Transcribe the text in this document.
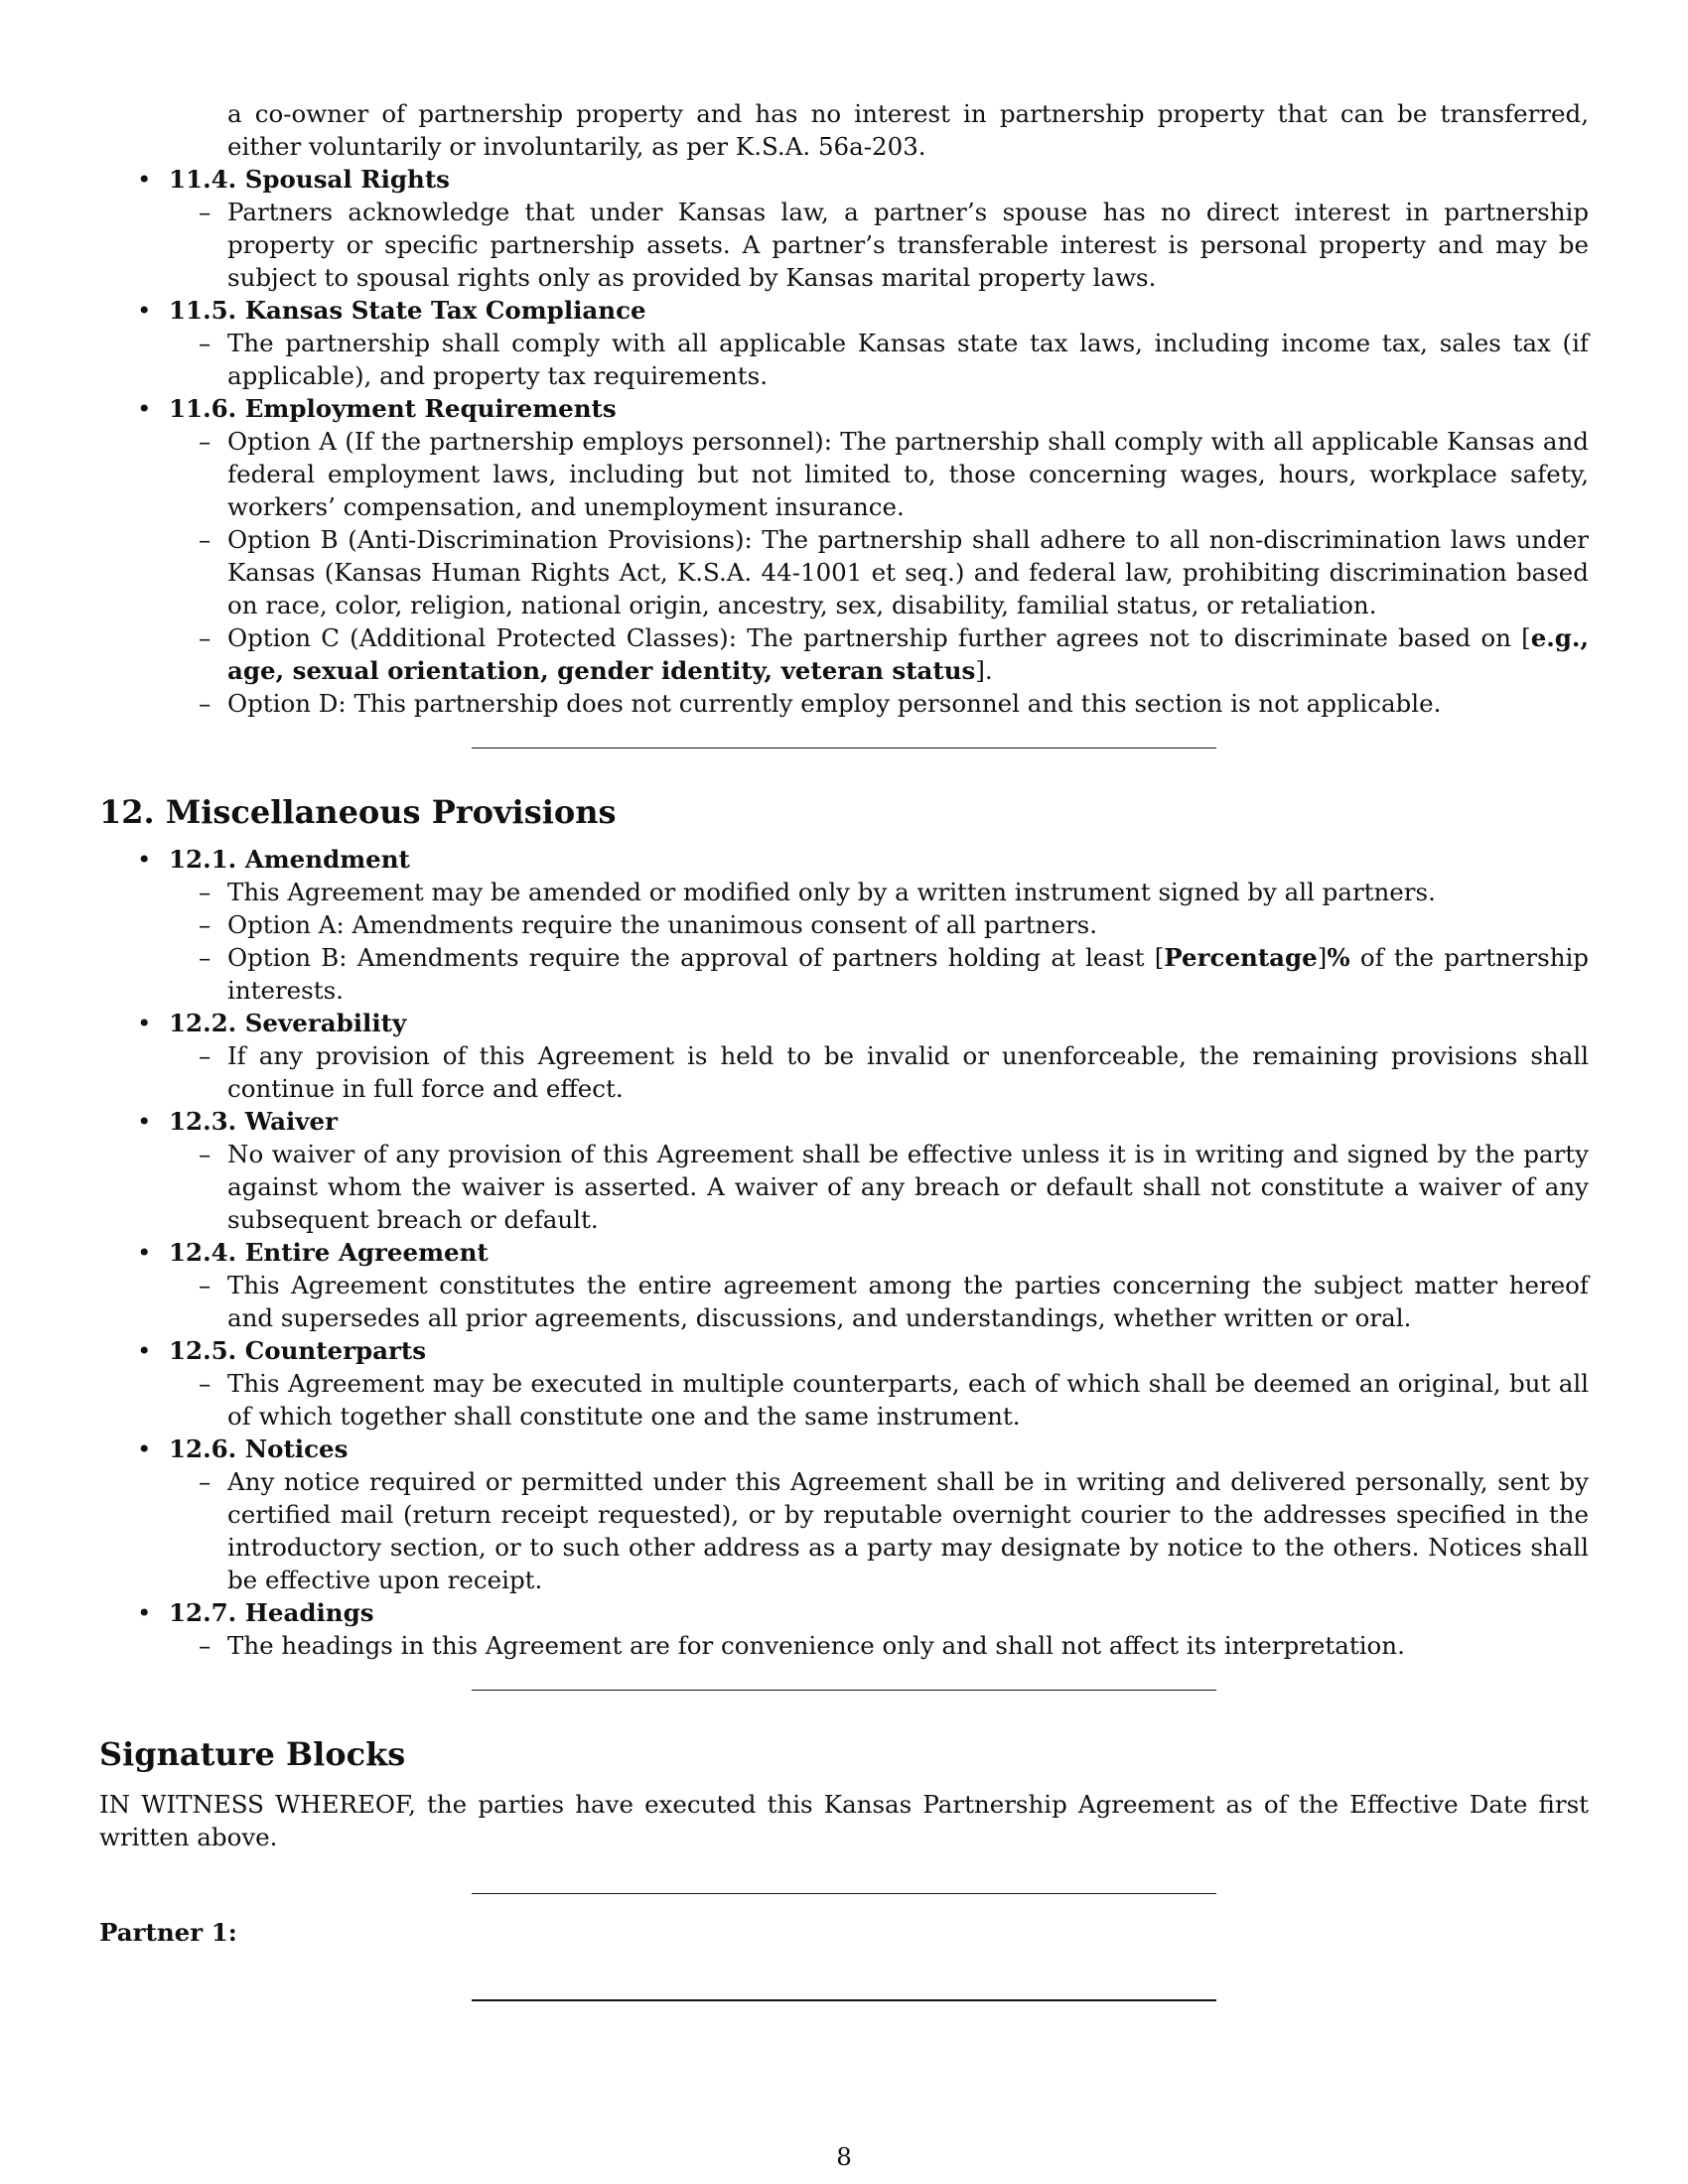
a co-owner of partnership property and has no interest in partnership property that can be transferred, either voluntarily or involuntarily, as per K.S.A. 56a-203.

• 11.4. Spousal Rights
– Partners acknowledge that under Kansas law, a partner’s spouse has no direct interest in partnership property or specific partnership assets. A partner’s transferable interest is personal property and may be subject to spousal rights only as provided by Kansas marital property laws.
• 11.5. Kansas State Tax Compliance
– The partnership shall comply with all applicable Kansas state tax laws, including income tax, sales tax (if applicable), and property tax requirements.
• 11.6. Employment Requirements
– Option A (If the partnership employs personnel): The partnership shall comply with all applicable Kansas and federal employment laws, including but not limited to, those concerning wages, hours, workplace safety, workers’ compensation, and unemployment insurance.
– Option B (Anti-Discrimination Provisions): The partnership shall adhere to all non-discrimination laws under Kansas (Kansas Human Rights Act, K.S.A. 44-1001 et seq.) and federal law, prohibiting discrimination based on race, color, religion, national origin, ancestry, sex, disability, familial status, or retaliation.
– Option C (Additional Protected Classes): The partnership further agrees not to discriminate based on [e.g., age, sexual orientation, gender identity, veteran status].
– Option D: This partnership does not currently employ personnel and this section is not applicable.
12. Miscellaneous Provisions
• 12.1. Amendment
– This Agreement may be amended or modified only by a written instrument signed by all partners.
– Option A: Amendments require the unanimous consent of all partners.
– Option B: Amendments require the approval of partners holding at least [Percentage]% of the partnership interests.
• 12.2. Severability
– If any provision of this Agreement is held to be invalid or unenforceable, the remaining provisions shall continue in full force and effect.
• 12.3. Waiver
– No waiver of any provision of this Agreement shall be effective unless it is in writing and signed by the party against whom the waiver is asserted. A waiver of any breach or default shall not constitute a waiver of any subsequent breach or default.
• 12.4. Entire Agreement
– This Agreement constitutes the entire agreement among the parties concerning the subject matter hereof and supersedes all prior agreements, discussions, and understandings, whether written or oral.
• 12.5. Counterparts
– This Agreement may be executed in multiple counterparts, each of which shall be deemed an original, but all of which together shall constitute one and the same instrument.
• 12.6. Notices
– Any notice required or permitted under this Agreement shall be in writing and delivered personally, sent by certified mail (return receipt requested), or by reputable overnight courier to the addresses specified in the introductory section, or to such other address as a party may designate by notice to the others. Notices shall be effective upon receipt.
• 12.7. Headings
– The headings in this Agreement are for convenience only and shall not affect its interpretation.
Signature Blocks

IN WITNESS WHEREOF, the parties have executed this Kansas Partnership Agreement as of the Effective Date first written above.

Partner 1:

8
